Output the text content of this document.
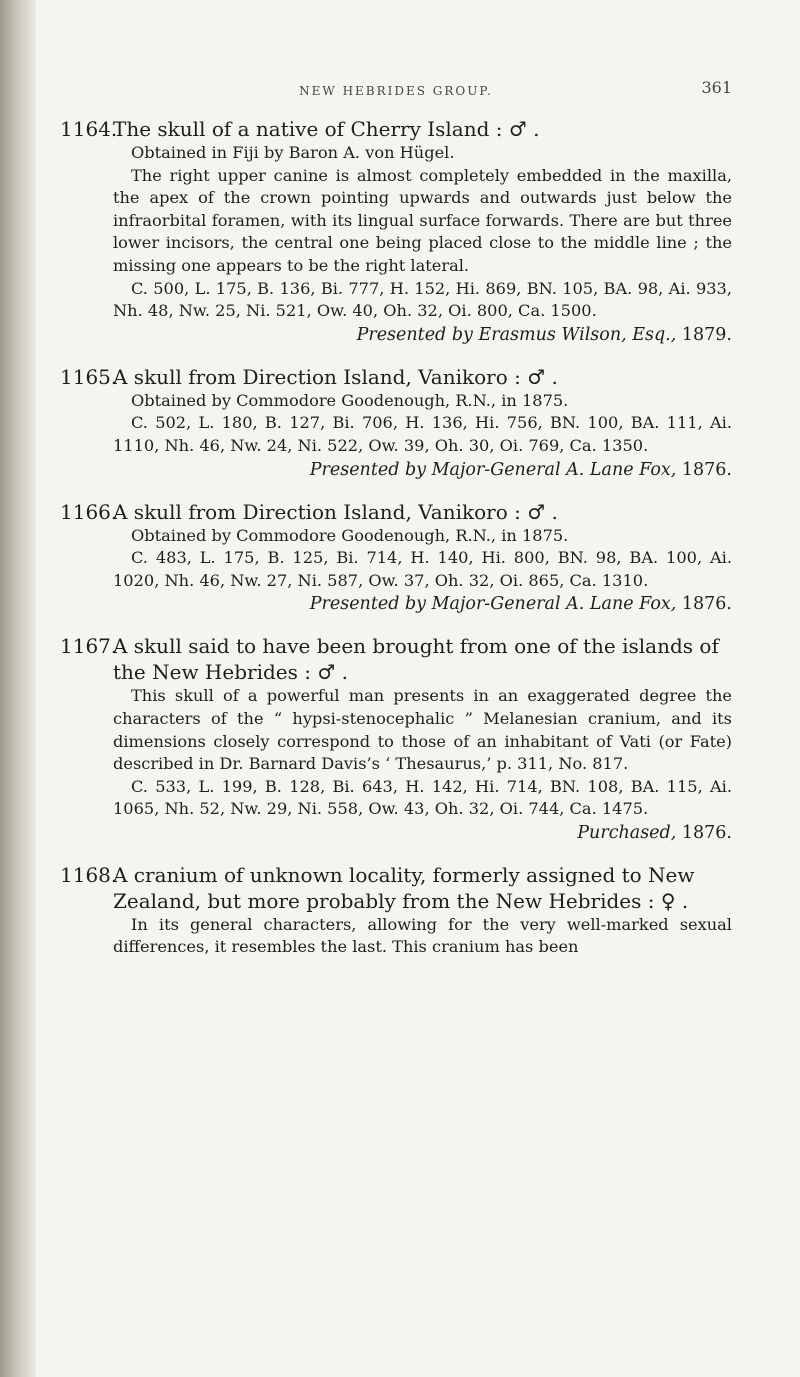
NEW HEBRIDES GROUP.	361
1164.
The skull of a native of Cherry Island : ♂ .
Obtained in Fiji by Baron A. von Hügel.
The right upper canine is almost completely embedded in the maxilla, the apex of the crown pointing upwards and outwards just below the infraorbital foramen, with its lingual surface forwards. There are but three lower incisors, the central one being placed close to the middle line ; the missing one appears to be the right lateral.
C. 500, L. 175, B. 136, Bi. 777, H. 152, Hi. 869, BN. 105, BA. 98, Ai. 933, Nh. 48, Nw. 25, Ni. 521, Ow. 40, Oh. 32, Oi. 800, Ca. 1500.
Presented by Erasmus Wilson, Esq., 1879.
1165.
A skull from Direction Island, Vanikoro : ♂ .
Obtained by Commodore Goodenough, R.N., in 1875.
C. 502, L. 180, B. 127, Bi. 706, H. 136, Hi. 756, BN. 100, BA. 111, Ai. 1110, Nh. 46, Nw. 24, Ni. 522, Ow. 39, Oh. 30, Oi. 769, Ca. 1350.
Presented by Major-General A. Lane Fox, 1876.
1166.
A skull from Direction Island, Vanikoro : ♂ .
Obtained by Commodore Goodenough, R.N., in 1875.
C. 483, L. 175, B. 125, Bi. 714, H. 140, Hi. 800, BN. 98, BA. 100, Ai. 1020, Nh. 46, Nw. 27, Ni. 587, Ow. 37, Oh. 32, Oi. 865, Ca. 1310.
Presented by Major-General A. Lane Fox, 1876.
1167.
A skull said to have been brought from one of the islands of the New Hebrides : ♂ .
This skull of a powerful man presents in an exaggerated degree the characters of the “ hypsi-stenocephalic ” Melanesian cranium, and its dimensions closely correspond to those of an inhabitant of Vati (or Fate) described in Dr. Barnard Davis’s ‘ Thesaurus,’ p. 311, No. 817.
C. 533, L. 199, B. 128, Bi. 643, H. 142, Hi. 714, BN. 108, BA. 115, Ai. 1065, Nh. 52, Nw. 29, Ni. 558, Ow. 43, Oh. 32, Oi. 744, Ca. 1475.
Purchased, 1876.
1168.
A cranium of unknown locality, formerly assigned to New Zealand, but more probably from the New Hebrides : ♀ .
In its general characters, allowing for the very well-marked sexual differences, it resembles the last. This cranium has been
